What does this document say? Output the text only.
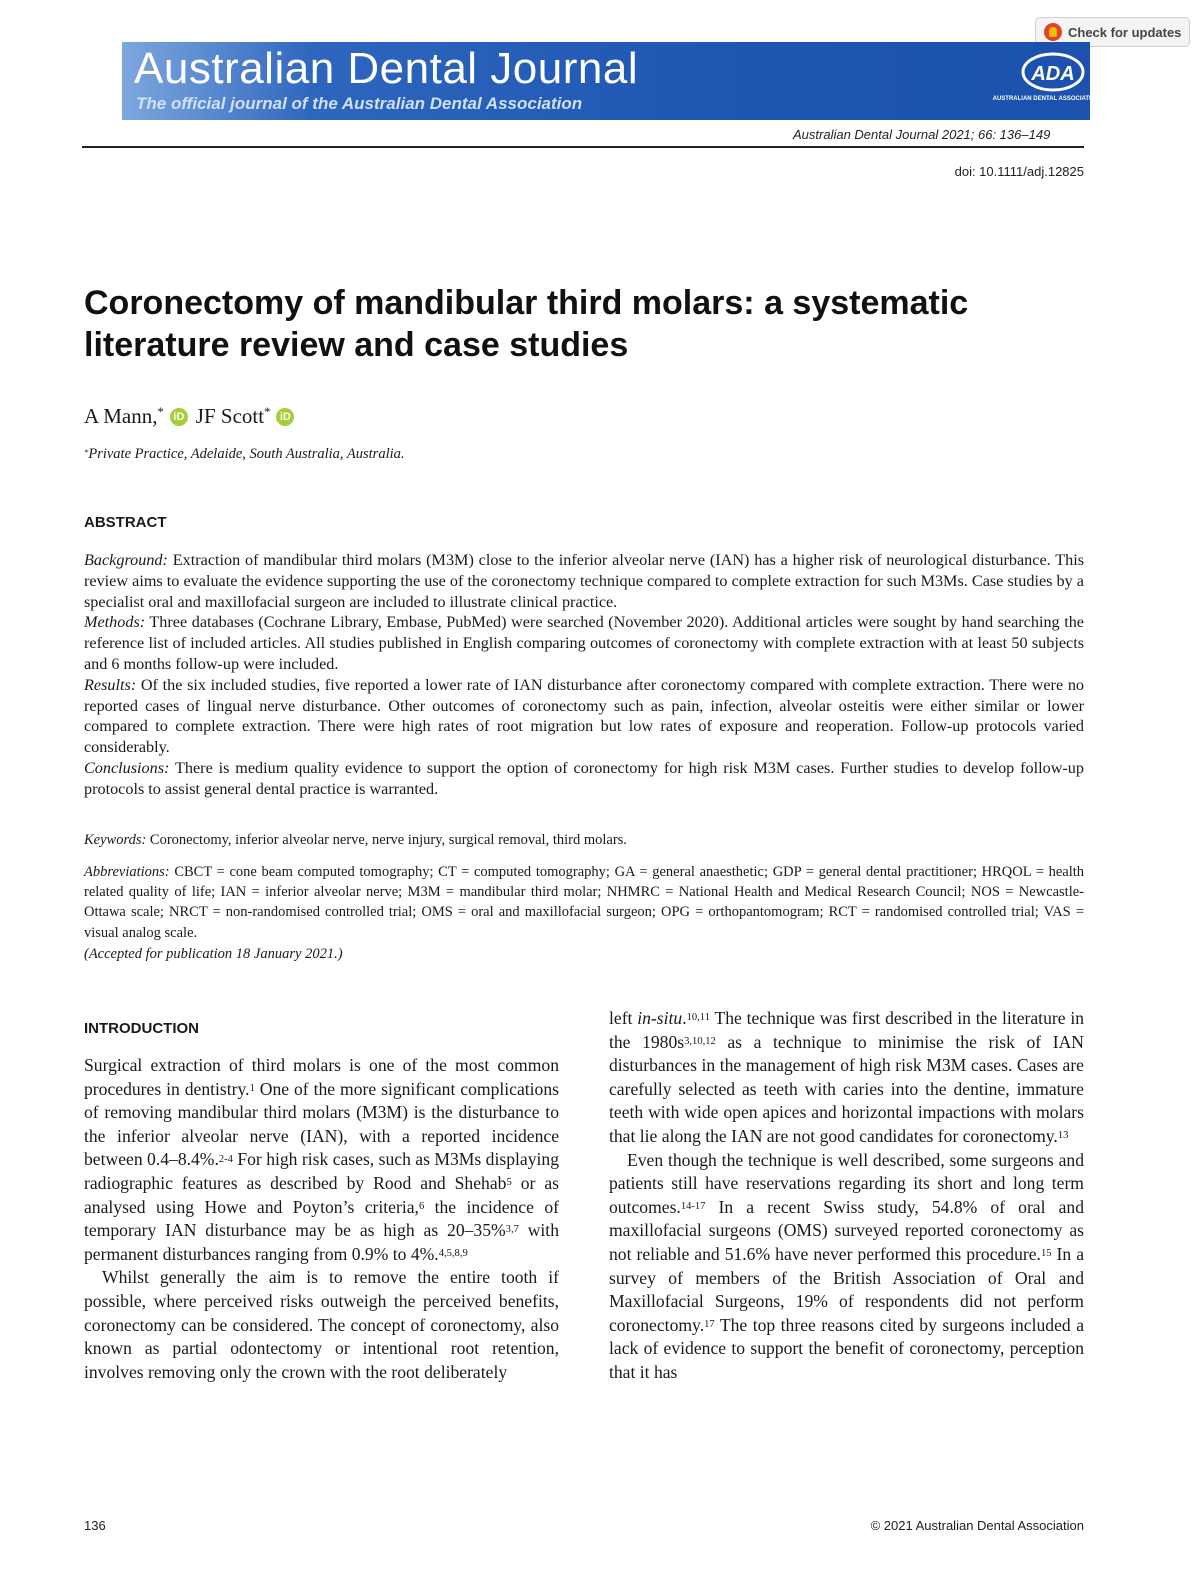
Check for updates
Australian Dental Journal
The official journal of the Australian Dental Association
ADA
AUSTRALIAN DENTAL ASSOCIATION INC.
Australian Dental Journal 2021; 66: 136–149
doi: 10.1111/adj.12825
Coronectomy of mandibular third molars: a systematic literature review and case studies
A Mann,* iD JF Scott* iD
*Private Practice, Adelaide, South Australia, Australia.
ABSTRACT

Background: Extraction of mandibular third molars (M3M) close to the inferior alveolar nerve (IAN) has a higher risk of neurological disturbance. This review aims to evaluate the evidence supporting the use of the coronectomy technique compared to complete extraction for such M3Ms. Case studies by a specialist oral and maxillofacial surgeon are included to illustrate clinical practice.

Methods: Three databases (Cochrane Library, Embase, PubMed) were searched (November 2020). Additional articles were sought by hand searching the reference list of included articles. All studies published in English comparing outcomes of coronectomy with complete extraction with at least 50 subjects and 6 months follow-up were included.

Results: Of the six included studies, five reported a lower rate of IAN disturbance after coronectomy compared with complete extraction. There were no reported cases of lingual nerve disturbance. Other outcomes of coronectomy such as pain, infection, alveolar osteitis were either similar or lower compared to complete extraction. There were high rates of root migration but low rates of exposure and reoperation. Follow-up protocols varied considerably.

Conclusions: There is medium quality evidence to support the option of coronectomy for high risk M3M cases. Further studies to develop follow-up protocols to assist general dental practice is warranted.

Keywords: Coronectomy, inferior alveolar nerve, nerve injury, surgical removal, third molars.
Abbreviations: CBCT = cone beam computed tomography; CT = computed tomography; GA = general anaesthetic; GDP = general dental practitioner; HRQOL = health related quality of life; IAN = inferior alveolar nerve; M3M = mandibular third molar; NHMRC = National Health and Medical Research Council; NOS = Newcastle-Ottawa scale; NRCT = non-randomised controlled trial; OMS = oral and maxillofacial surgeon; OPG = orthopantomogram; RCT = randomised controlled trial; VAS = visual analog scale.
(Accepted for publication 18 January 2021.)
INTRODUCTION

Surgical extraction of third molars is one of the most common procedures in dentistry.$^1$ One of the more significant complications of removing mandibular third molars (M3M) is the disturbance to the inferior alveolar nerve (IAN), with a reported incidence between 0.4–8.4%.$^{2-4}$ For high risk cases, such as M3Ms displaying radiographic features as described by Rood and Shehab$^5$ or as analysed using Howe and Poyton’s criteria,$^6$ the incidence of temporary IAN disturbance may be as high as 20–35%$^{3,7}$ with permanent disturbances ranging from 0.9% to 4%.$^{4,5,8,9}$

Whilst generally the aim is to remove the entire tooth if possible, where perceived risks outweigh the perceived benefits, coronectomy can be considered. The concept of coronectomy, also known as partial odontectomy or intentional root retention, involves removing only the crown with the root deliberately

left in-situ.$^{10,11}$ The technique was first described in the literature in the $1980s^{3,10,12}$ as a technique to minimise the risk of IAN disturbances in the management of high risk M3M cases. Cases are carefully selected as teeth with caries into the dentine, immature teeth with wide open apices and horizontal impactions with molars that lie along the IAN are not good candidates for coronectomy.$^{13}$

Even though the technique is well described, some surgeons and patients still have reservations regarding its short and long term outcomes.$^{14-17}$ In a recent Swiss study, 54.8% of oral and maxillofacial surgeons (OMS) surveyed reported coronectomy as not reliable and 51.6% have never performed this procedure.$^{15}$ In a survey of members of the British Association of Oral and Maxillofacial Surgeons, 19% of respondents did not perform coronectomy.$^{17}$ The top three reasons cited by surgeons included a lack of evidence to support the benefit of coronectomy, perception that it has

136	© 2021 Australian Dental Association
